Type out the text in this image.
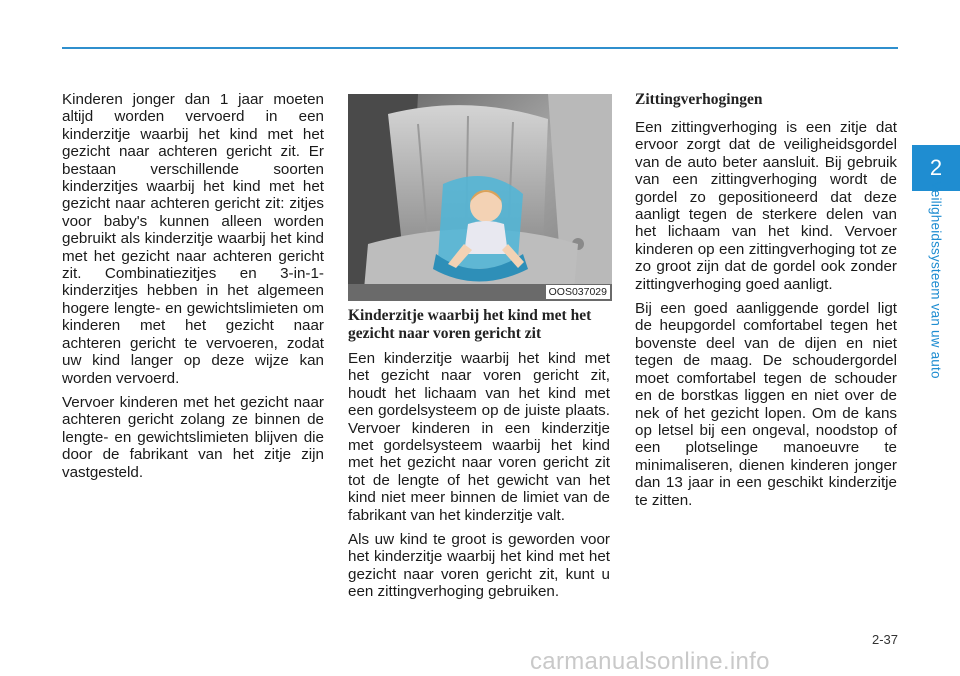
Kinderen jonger dan 1 jaar moeten altijd worden vervoerd in een kinderzitje waarbij het kind met het gezicht naar achteren gericht zit. Er bestaan verschillende soorten kinderzitjes waarbij het kind met het gezicht naar achteren gericht zit: zitjes voor baby's kunnen alleen worden gebruikt als kinderzitje waarbij het kind met het gezicht naar achteren gericht zit. Combinatiezitjes en 3-in-1-kinderzitjes hebben in het algemeen hogere lengte- en gewichtslimieten om kinderen met het gezicht naar achteren gericht te vervoeren, zodat uw kind langer op deze wijze kan worden vervoerd.

Vervoer kinderen met het gezicht naar achteren gericht zolang ze binnen de lengte- en gewichtslimieten blijven die door de fabrikant van het zitje zijn vastgesteld.

OOS037029

Kinderzitje waarbij het kind met het gezicht naar voren gericht zit

Een kinderzitje waarbij het kind met het gezicht naar voren gericht zit, houdt het lichaam van het kind met een gordelsysteem op de juiste plaats. Vervoer kinderen in een kinderzitje met gordelsysteem waarbij het kind met het gezicht naar voren gericht zit tot de lengte of het gewicht van het kind niet meer binnen de limiet van de fabrikant van het kinderzitje valt.

Als uw kind te groot is geworden voor het kinderzitje waarbij het kind met het gezicht naar voren gericht zit, kunt u een zittingverhoging gebruiken.

Zittingverhogingen

Een zittingverhoging is een zitje dat ervoor zorgt dat de veiligheidsgordel van de auto beter aansluit. Bij gebruik van een zittingverhoging wordt de gordel zo gepositioneerd dat deze aanligt tegen de sterkere delen van het lichaam van het kind. Vervoer kinderen op een zittingverhoging tot ze zo groot zijn dat de gordel ook zonder zittingverhoging goed aanligt.

Bij een goed aanliggende gordel ligt de heupgordel comfortabel tegen het bovenste deel van de dijen en niet tegen de maag. De schoudergordel moet comfortabel tegen de schouder en de borstkas liggen en niet over de nek of het gezicht lopen. Om de kans op letsel bij een ongeval, noodstop of een plotselinge manoeuvre te minimaliseren, dienen kinderen jonger dan 13 jaar in een geschikt kinderzitje te zitten.

2
Veiligheidssysteem van uw auto
2-37
carmanualsonline.info
